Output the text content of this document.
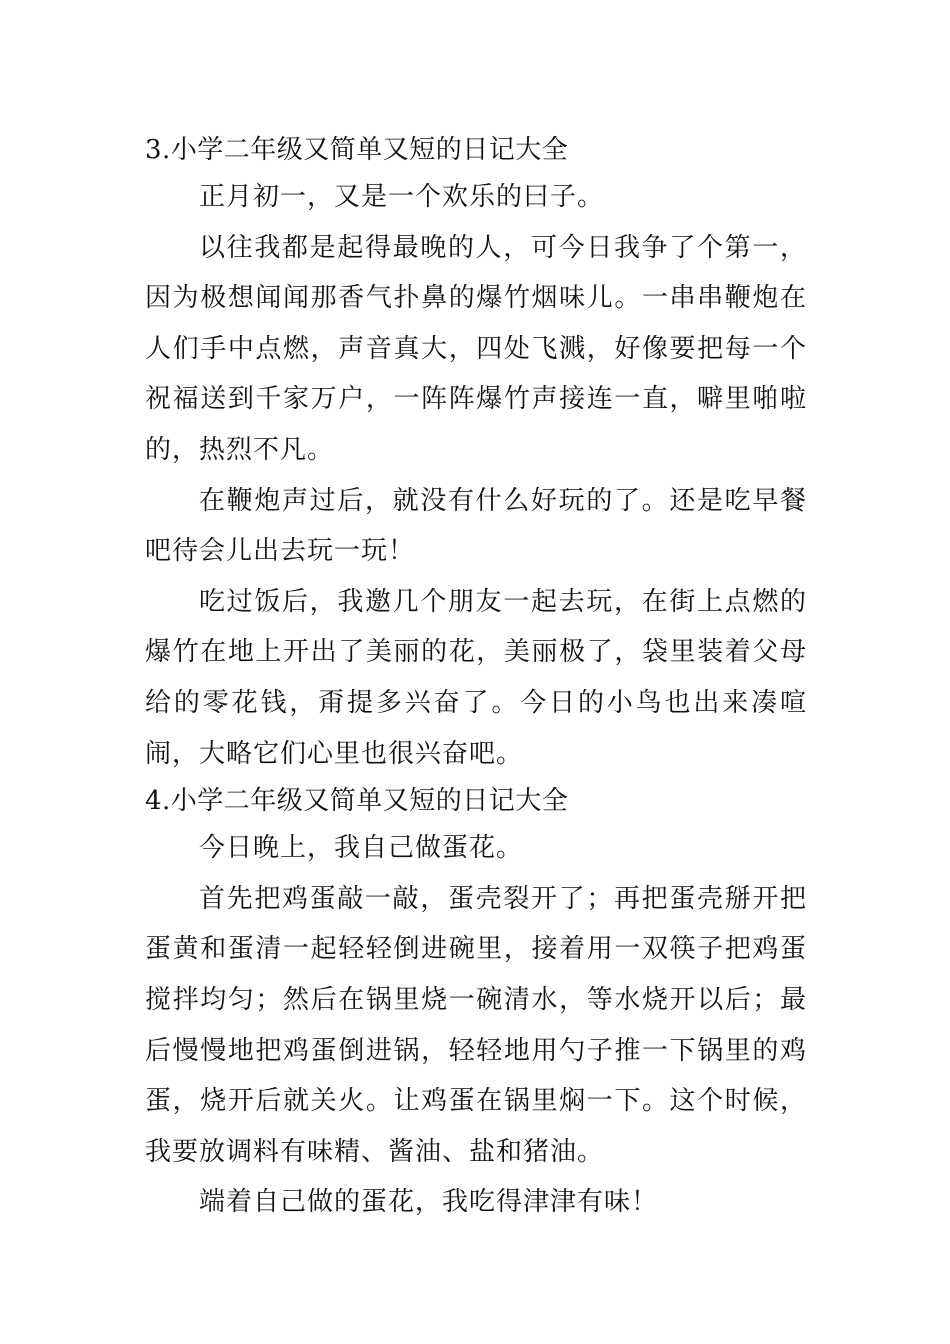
3.小学二年级又简单又短的日记大全

正月初一，又是一个欢乐的曰子。

以往我都是起得最晚的人，可今日我争了个第一，因为极想闻闻那香气扑鼻的爆竹烟味儿。一串串鞭炮在人们手中点燃，声音真大，四处飞溅，好像要把每一个祝福送到千家万户，一阵阵爆竹声接连一直，噼里啪啦的，热烈不凡。

在鞭炮声过后，就没有什么好玩的了。还是吃早餐吧待会儿出去玩一玩！

吃过饭后，我邀几个朋友一起去玩，在街上点燃的爆竹在地上开出了美丽的花，美丽极了，袋里装着父母给的零花钱，甭提多兴奋了。今日的小鸟也出来凑喧闹，大略它们心里也很兴奋吧。

4.小学二年级又简单又短的日记大全

今日晚上，我自己做蛋花。

首先把鸡蛋敲一敲，蛋壳裂开了；再把蛋壳掰开把蛋黄和蛋清一起轻轻倒进碗里，接着用一双筷子把鸡蛋搅拌均匀；然后在锅里烧一碗清水，等水烧开以后；最后慢慢地把鸡蛋倒进锅，轻轻地用勺子推一下锅里的鸡蛋，烧开后就关火。让鸡蛋在锅里焖一下。这个时候，我要放调料有味精、酱油、盐和猪油。

端着自己做的蛋花，我吃得津津有味！
